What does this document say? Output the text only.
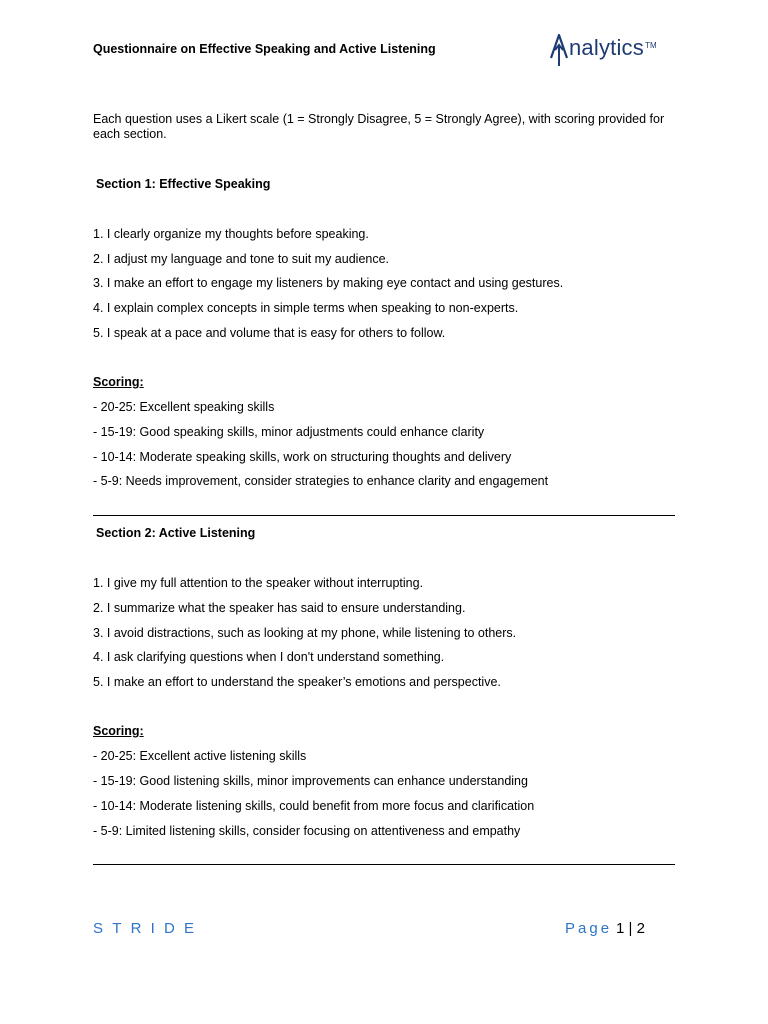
Questionnaire on Effective Speaking and Active Listening	nalytics™
Each question uses a Likert scale (1 = Strongly Disagree, 5 = Strongly Agree), with scoring provided for each section.
Section 1: Effective Speaking
1. I clearly organize my thoughts before speaking.
2. I adjust my language and tone to suit my audience.
3. I make an effort to engage my listeners by making eye contact and using gestures.
4. I explain complex concepts in simple terms when speaking to non-experts.
5. I speak at a pace and volume that is easy for others to follow.
Scoring:
- 20-25: Excellent speaking skills
- 15-19: Good speaking skills, minor adjustments could enhance clarity
- 10-14: Moderate speaking skills, work on structuring thoughts and delivery
- 5-9: Needs improvement, consider strategies to enhance clarity and engagement
Section 2: Active Listening
1. I give my full attention to the speaker without interrupting.
2. I summarize what the speaker has said to ensure understanding.
3. I avoid distractions, such as looking at my phone, while listening to others.
4. I ask clarifying questions when I don't understand something.
5. I make an effort to understand the speaker’s emotions and perspective.
Scoring:
- 20-25: Excellent active listening skills
- 15-19: Good listening skills, minor improvements can enhance understanding
- 10-14: Moderate listening skills, could benefit from more focus and clarification
- 5-9: Limited listening skills, consider focusing on attentiveness and empathy
STRIDE	Page 1 | 2
